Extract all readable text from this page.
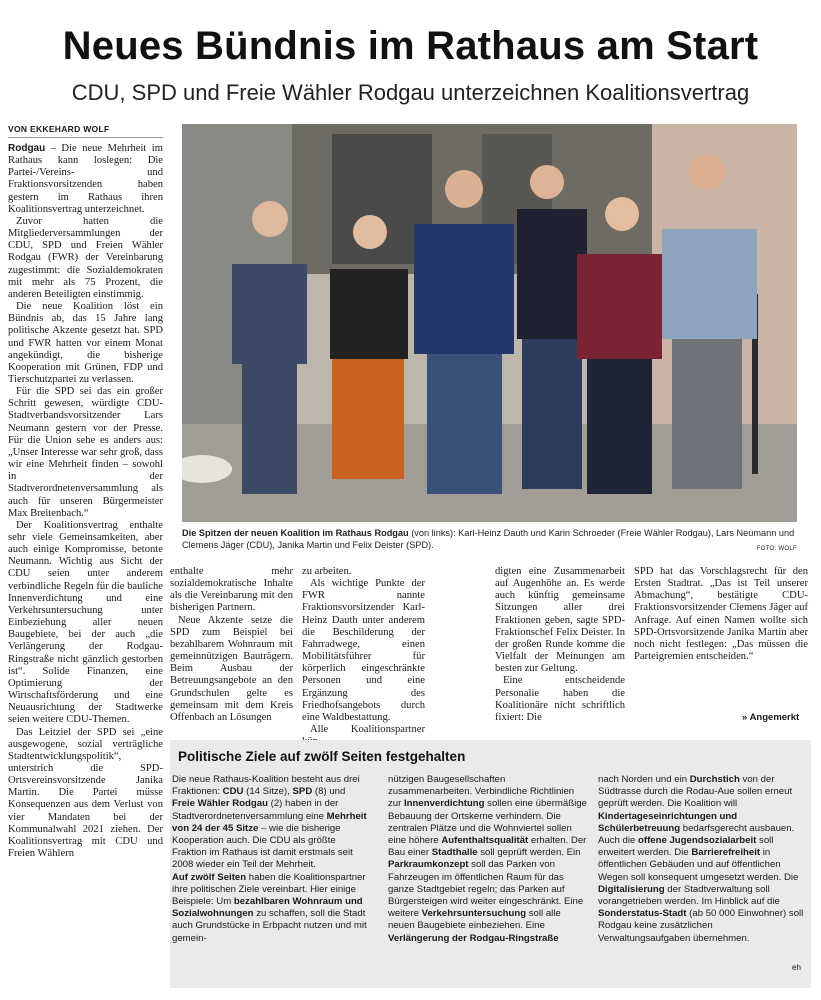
Neues Bündnis im Rathaus am Start
CDU, SPD und Freie Wähler Rodgau unterzeichnen Koalitionsvertrag
VON EKKEHARD WOLF

Rodgau – Die neue Mehrheit im Rathaus kann loslegen: Die Partei-/Vereins- und Fraktionsvorsitzenden haben gestern im Rathaus ihren Koalitionsvertrag unterzeichnet.

Zuvor hatten die Mitgliederversammlungen der CDU, SPD und Freien Wähler Rodgau (FWR) der Vereinbarung zugestimmt: die Sozialdemokraten mit mehr als 75 Prozent, die anderen Beteiligten einstimmig.

Die neue Koalition löst ein Bündnis ab, das 15 Jahre lang politische Akzente gesetzt hat. SPD und FWR hatten vor einem Monat angekündigt, die bisherige Kooperation mit Grünen, FDP und Tierschutzpartei zu verlassen.

Für die SPD sei das ein großer Schritt gewesen, würdigte CDU-Stadtverbandsvorsitzender Lars Neumann gestern vor der Presse. Für die Union sehe es anders aus: „Unser Interesse war sehr groß, dass wir eine Mehrheit finden – sowohl in der Stadtverordnetenversammlung als auch für unseren Bürgermeister Max Breitenbach.“

Der Koalitionsvertrag enthalte sehr viele Gemeinsamkeiten, aber auch einige Kompromisse, betonte Neumann. Wichtig aus Sicht der CDU seien unter anderem verbindliche Regeln für die bauliche Innenverdichtung und eine Verkehrsuntersuchung unter Einbeziehung aller neuen Baugebiete, bei der auch „die Verlängerung der Rodgau-Ringstraße nicht gänzlich gestorben ist“. Solide Finanzen, eine Optimierung der Wirtschaftsförderung und eine Neuausrichtung der Stadtwerke seien weitere CDU-Themen.

Das Leitziel der SPD sei „eine ausgewogene, sozial verträgliche Stadtentwicklungspolitik“, unterstrich die SPD-Ortsvereinsvorsitzende Janika Martin. Die Partei müsse Konsequenzen aus dem Verlust von vier Mandaten bei der Kommunalwahl 2021 ziehen. Der Koalitionsvertrag mit CDU und Freien Wählern

Die Spitzen der neuen Koalition im Rathaus Rodgau (von links): Karl-Heinz Dauth und Karin Schroeder (Freie Wähler Rodgau), Lars Neumann und Clemens Jäger (CDU), Janika Martin und Felix Deister (SPD).	FOTO: WOLF

enthalte mehr sozialdemokratische Inhalte als die Vereinbarung mit den bisherigen Partnern.

Neue Akzente setze die SPD zum Beispiel bei bezahlbarem Wohnraum mit gemeinnützigen Bauträgern. Beim Ausbau der Betreuungsangebote an den Grundschulen gelte es gemeinsam mit dem Kreis Offenbach an Lösungen

zu arbeiten.

Als wichtige Punkte der FWR nannte Fraktionsvorsitzender Karl-Heinz Dauth unter anderem die Beschilderung der Fahrradwege, einen Mobilitätsführer für körperlich eingeschränkte Personen und eine Ergänzung des Friedhofsangebots durch eine Waldbestattung.

Alle Koalitionspartner

digten eine Zusammenarbeit auf Augenhöhe an. Es werde auch künftig gemeinsame Sitzungen aller drei Fraktionen geben, sagte SPD-Fraktionschef Felix Deister. In der großen Runde komme die Vielfalt der Meinungen am besten zur Geltung.

Eine entscheidende Personalie haben die Koalitionäre nicht schriftlich fixiert: Die

SPD hat das Vorschlagsrecht für den Ersten Stadtrat. „Das ist Teil unserer Abmachung“, bestätigte CDU-Fraktionsvorsitzender Clemens Jäger auf Anfrage. Auf einen Namen wollte sich SPD-Ortsvorsitzende Janika Martin aber noch nicht festlegen: „Das müssen die Parteigremien entscheiden.“

» Angemerkt
Politische Ziele auf zwölf Seiten festgehalten
Die neue Rathaus-Koalition besteht aus drei Fraktionen: CDU (14 Sitze), SPD (8) und Freie Wähler Rodgau (2) haben in der Stadtverordnetenversammlung eine Mehrheit von 24 der 45 Sitze – wie die bisherige Kooperation auch. Die CDU als größte Fraktion im Rathaus ist damit erstmals seit 2008 wieder ein Teil der Mehrheit.
Auf zwölf Seiten haben die Koalitionspartner ihre politischen Ziele vereinbart. Hier einige Beispiele: Um bezahlbaren Wohnraum und Sozialwohnungen zu schaffen, soll die Stadt auch Grundstücke in Erbpacht nutzen und mit gemein-
nützigen Baugesellschaften zusammenarbeiten. Verbindliche Richtlinien zur Innenverdichtung sollen eine übermäßige Bebauung der Ortskerne verhindern. Die zentralen Plätze und die Wohnviertel sollen eine höhere Aufenthaltsqualität erhalten. Der Bau einer Stadthalle soll geprüft werden. Ein Parkraumkonzept soll das Parken von Fahrzeugen im öffentlichen Raum für das ganze Stadtgebiet regeln; das Parken auf Bürgersteigen wird weiter eingeschränkt. Eine weitere Verkehrsuntersuchung soll alle neuen Baugebiete einbeziehen. Eine Verlängerung der Rodgau-Ringstraße
nach Norden und ein Durchstich von der Südtrasse durch die Rodau-Aue sollen erneut geprüft werden. Die Koalition will Kindertageseinrichtungen und Schülerbetreuung bedarfsgerecht ausbauen. Auch die offene Jugendsozialarbeit soll erweitert werden. Die Barrierefreiheit in öffentlichen Gebäuden und auf öffentlichen Wegen soll konsequent umgesetzt werden. Die Digitalisierung der Stadtverwaltung soll vorangetrieben werden. Im Hinblick auf die Sonderstatus-Stadt (ab 50 000 Einwohner) soll Rodgau keine zusätzlichen Verwaltungsaufgaben übernehmen.
eh
